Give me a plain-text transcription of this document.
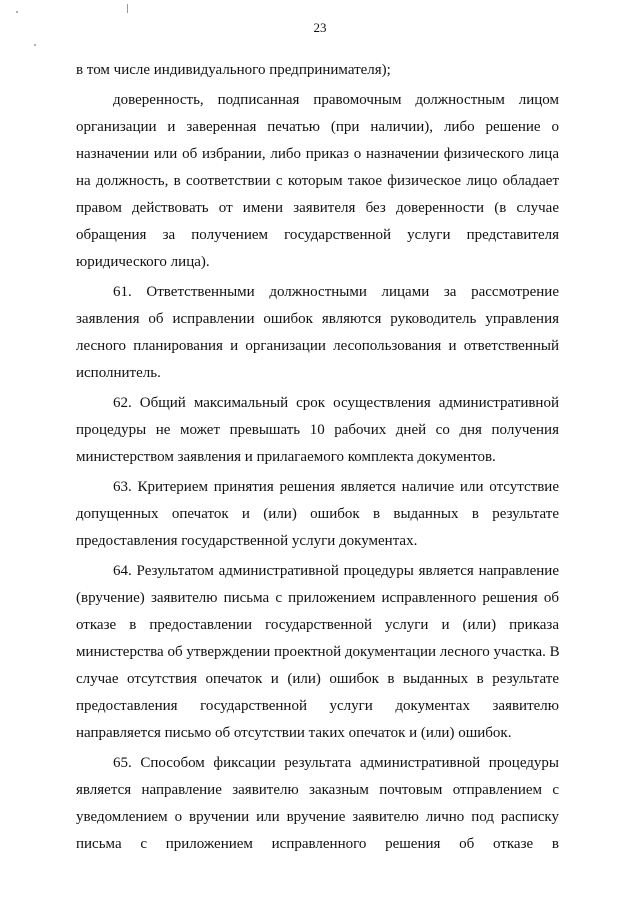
23

в том числе индивидуального предпринимателя);

доверенность, подписанная правомочным должностным лицом
организации и заверенная печатью (при наличии), либо решение о
назначении или об избрании, либо приказ о назначении физического лица
на должность, в соответствии с которым такое физическое лицо обладает
правом действовать от имени заявителя без доверенности (в случае
обращения за получением государственной услуги представителя
юридического лица).

61. Ответственными должностными лицами за рассмотрение
заявления об исправлении ошибок являются руководитель управления
лесного планирования и организации лесопользования и ответственный
исполнитель.

62. Общий максимальный срок осуществления административной
процедуры не может превышать 10 рабочих дней со дня получения
министерством заявления и прилагаемого комплекта документов.

63. Критерием принятия решения является наличие или отсутствие
допущенных опечаток и (или) ошибок в выданных в результате
предоставления государственной услуги документах.

64. Результатом административной процедуры является направление
(вручение) заявителю письма с приложением исправленного решения об
отказе в предоставлении государственной услуги и (или) приказа
министерства об утверждении проектной документации лесного участка. В
случае отсутствия опечаток и (или) ошибок в выданных в результате
предоставления государственной услуги документах заявителю
направляется письмо об отсутствии таких опечаток и (или) ошибок.

65. Способом фиксации результата административной процедуры
является направление заявителю заказным почтовым отправлением с
уведомлением о вручении или вручение заявителю лично под расписку
письма с приложением исправленного решения об отказе в
